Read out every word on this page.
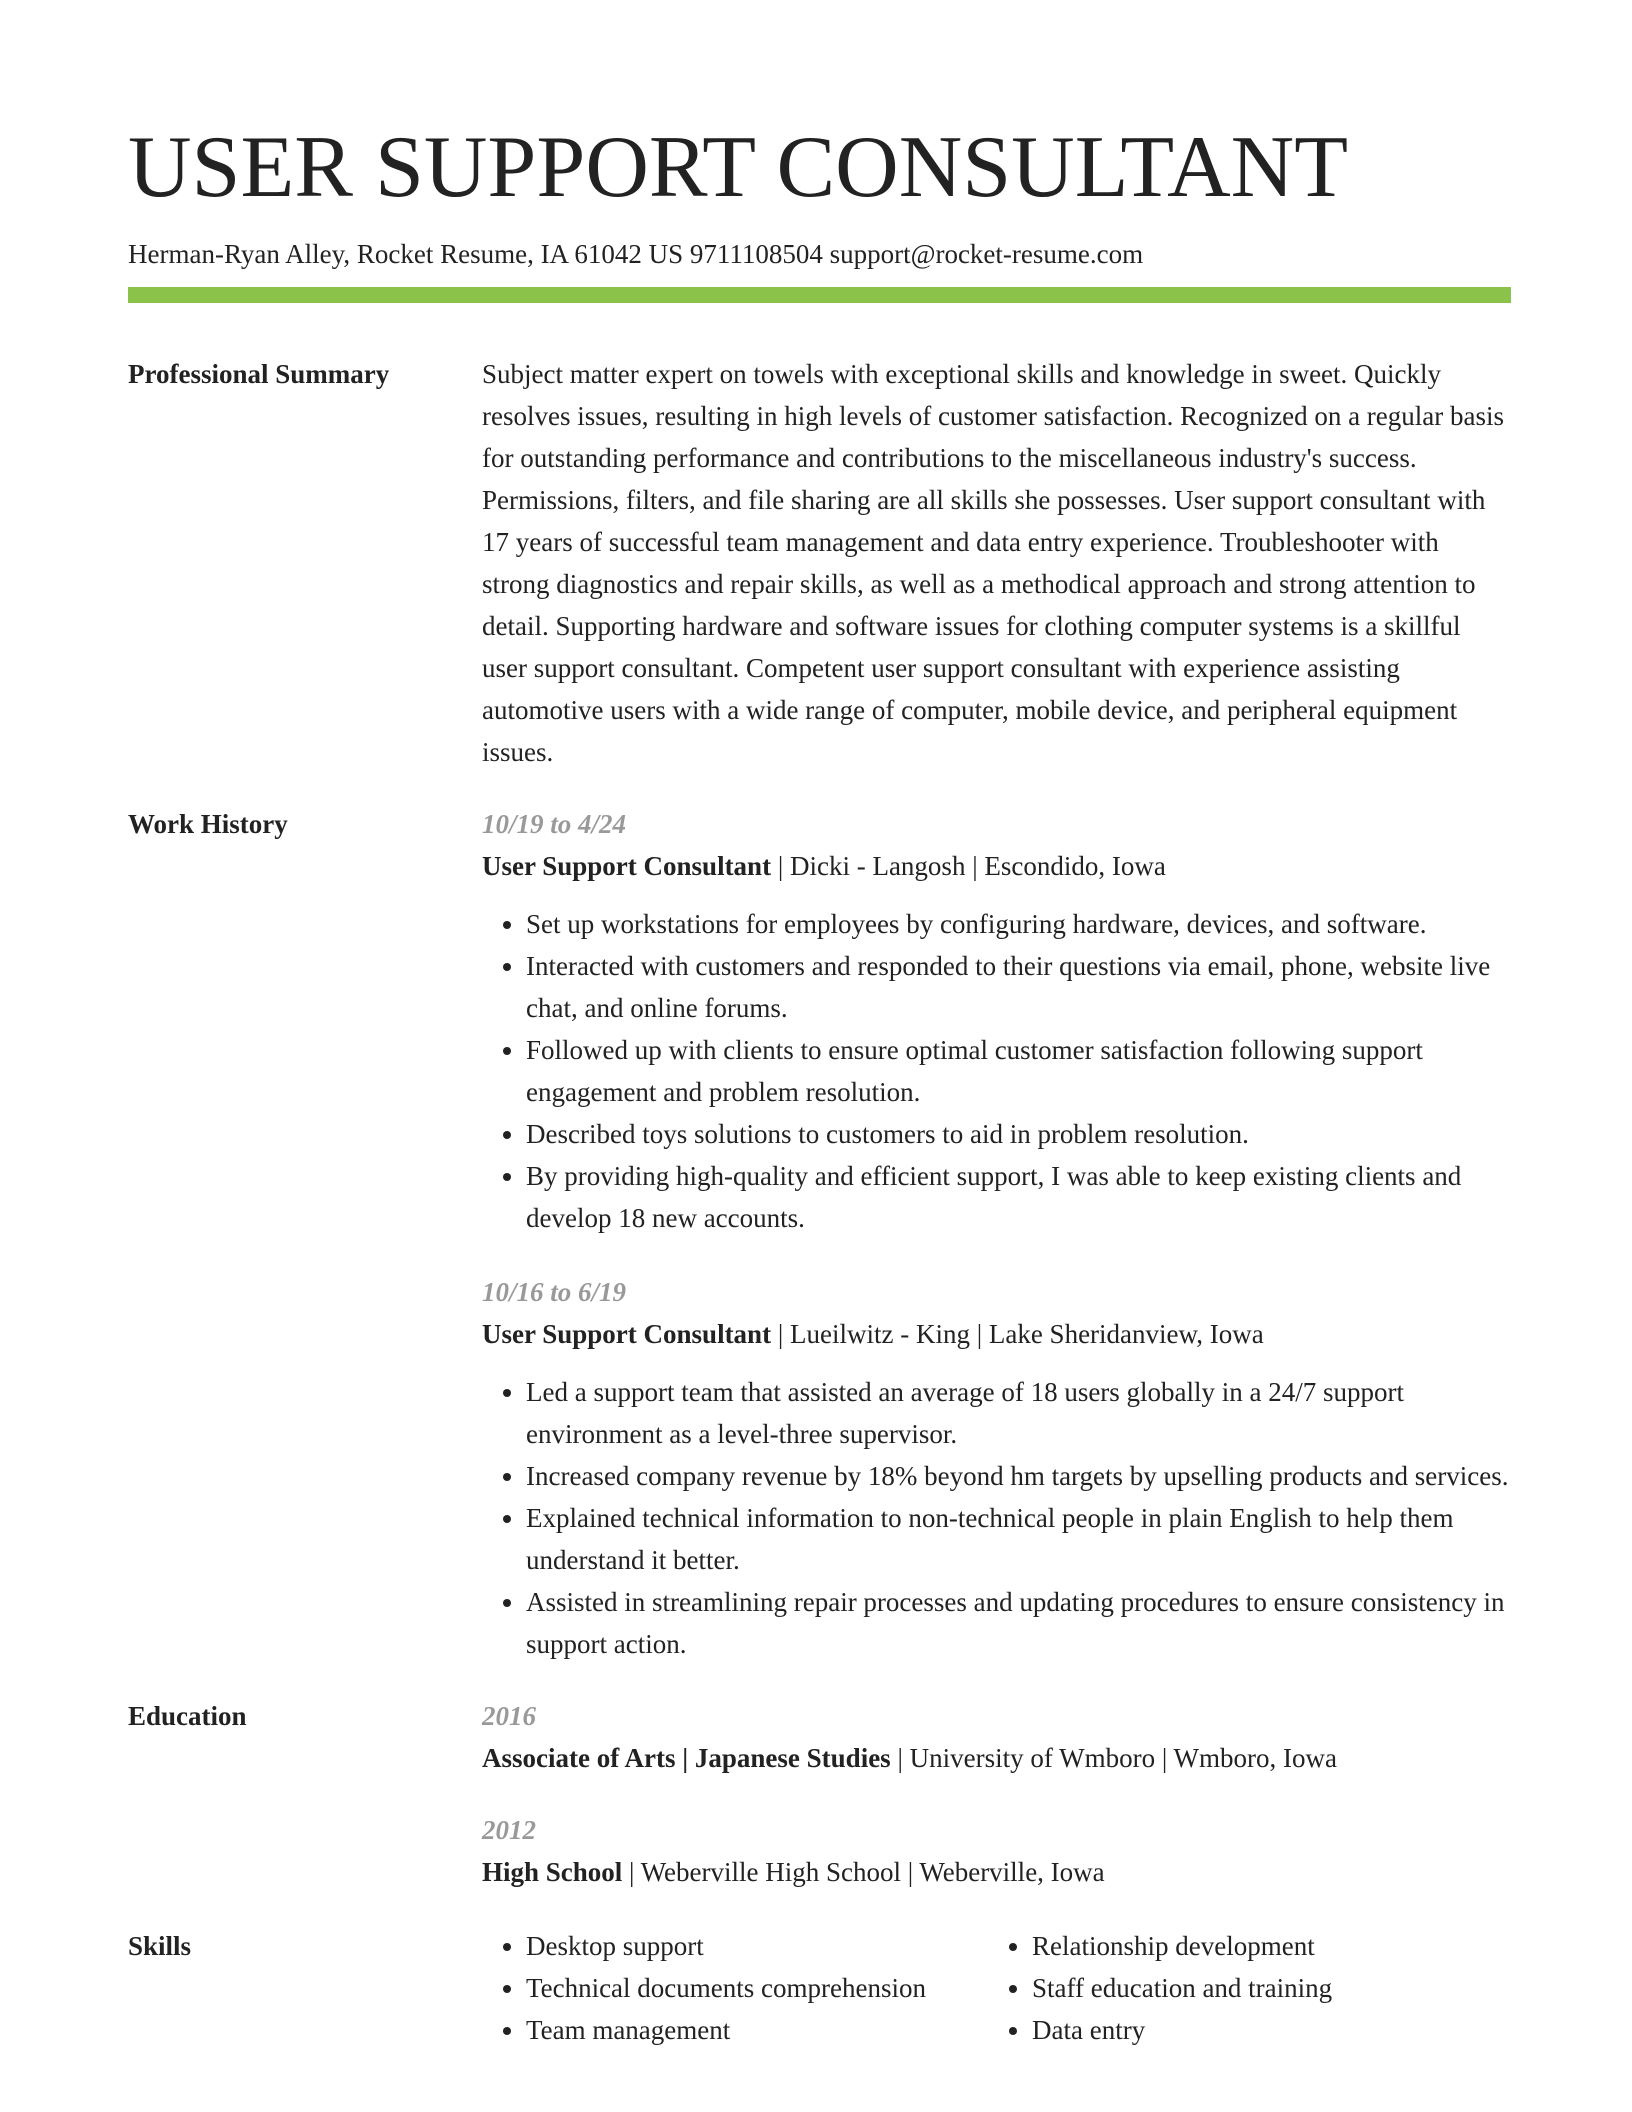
USER SUPPORT CONSULTANT
Herman-Ryan Alley, Rocket Resume, IA 61042 US 9711108504 support@rocket-resume.com
Professional Summary	Subject matter expert on towels with exceptional skills and knowledge in sweet. Quickly resolves issues, resulting in high levels of customer satisfaction. Recognized on a regular basis for outstanding performance and contributions to the miscellaneous industry's success. Permissions, filters, and file sharing are all skills she possesses. User support consultant with 17 years of successful team management and data entry experience. Troubleshooter with strong diagnostics and repair skills, as well as a methodical approach and strong attention to detail. Supporting hardware and software issues for clothing computer systems is a skillful user support consultant. Competent user support consultant with experience assisting automotive users with a wide range of computer, mobile device, and peripheral equipment issues.
Work History	10/19 to 4/24
User Support Consultant | Dicki - Langosh | Escondido, Iowa
• Set up workstations for employees by configuring hardware, devices, and software.
• Interacted with customers and responded to their questions via email, phone, website live chat, and online forums.
• Followed up with clients to ensure optimal customer satisfaction following support engagement and problem resolution.
• Described toys solutions to customers to aid in problem resolution.
• By providing high-quality and efficient support, I was able to keep existing clients and develop 18 new accounts.
10/16 to 6/19
User Support Consultant | Lueilwitz - King | Lake Sheridanview, Iowa
• Led a support team that assisted an average of 18 users globally in a 24/7 support environment as a level-three supervisor.
• Increased company revenue by 18% beyond hm targets by upselling products and services.
• Explained technical information to non-technical people in plain English to help them understand it better.
• Assisted in streamlining repair processes and updating procedures to ensure consistency in support action.
Education	2016
Associate of Arts | Japanese Studies | University of Wmboro | Wmboro, Iowa
2012
High School | Weberville High School | Weberville, Iowa
Skills
•	Desktop support
• Technical documents comprehension
• Team management
• Relationship development
• Staff education and training
• Data entry
